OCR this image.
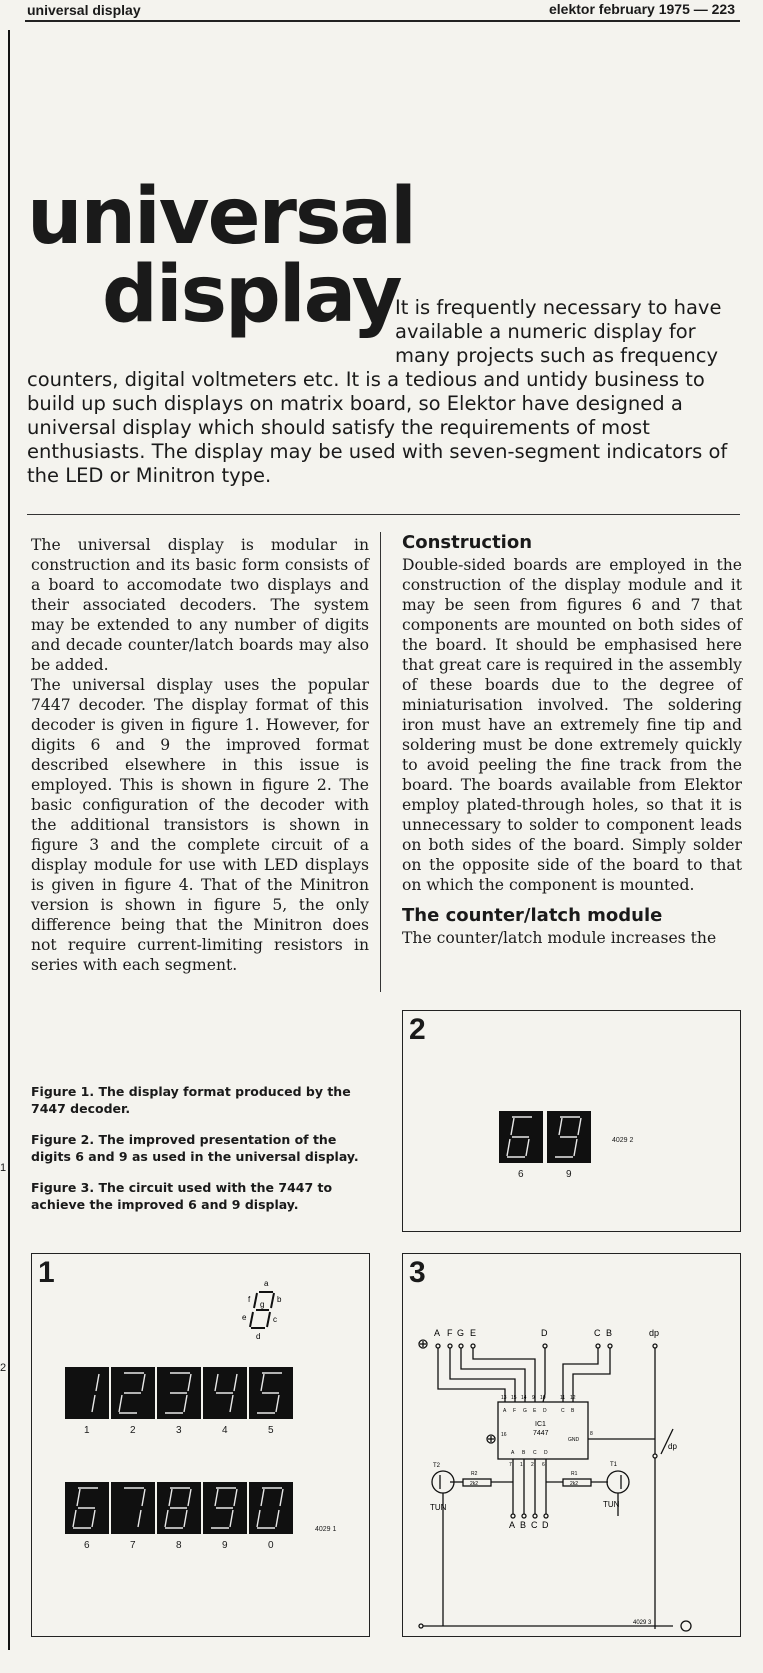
universal display	elektor february 1975 — 223
1
2
universal
display
It is frequently necessary to have available a numeric display for many projects such as frequency
counters, digital voltmeters etc. It is a tedious and untidy business to build up such displays on matrix board, so Elektor have designed a universal display which should satisfy the requirements of most enthusiasts. The display may be used with seven-segment indicators of the LED or Minitron type.

The universal display is modular in construction and its basic form consists of a board to accomodate two displays and their associated decoders. The system may be extended to any number of digits and decade counter/latch boards may also be added.

The universal display uses the popular 7447 decoder. The display format of this decoder is given in figure 1. However, for digits 6 and 9 the improved format described elsewhere in this issue is employed. This is shown in figure 2. The basic configuration of the decoder with the additional transistors is shown in figure 3 and the complete circuit of a display module for use with LED displays is given in figure 4. That of the Minitron version is shown in figure 5, the only difference being that the Minitron does not require current-limiting resistors in series with each segment.

Construction

Double-sided boards are employed in the construction of the display module and it may be seen from figures 6 and 7 that components are mounted on both sides of the board. It should be emphasised here that great care is required in the assembly of these boards due to the degree of miniaturisation involved. The soldering iron must have an extremely fine tip and soldering must be done extremely quickly to avoid peeling the fine track from the board. The boards available from Elektor employ plated-through holes, so that it is unnecessary to solder to component leads on both sides of the board. Simply solder on the opposite side of the board to that on which the component is mounted.

The counter/latch module

The counter/latch module increases the

Figure 1. The display format produced by the 7447 decoder.

Figure 2. The improved presentation of the digits 6 and 9 as used in the universal display.

Figure 3. The circuit used with the 7447 to achieve the improved 6 and 9 display.

1	a
b
c
d
e
f
g
1	2	3	4	5
6	7	8	9	0
4029 1
2
6	9
4029 2
3
A F G E	D	C B	dp
13 15 14 9 10	11 12
A F G E D	C B
IC1
7447
GND
16	8
A B C D
7 1 2 6
A B C D
T2	T1
R2	R1
2k2	2k2
TUN	TUN
dp
4029 3
